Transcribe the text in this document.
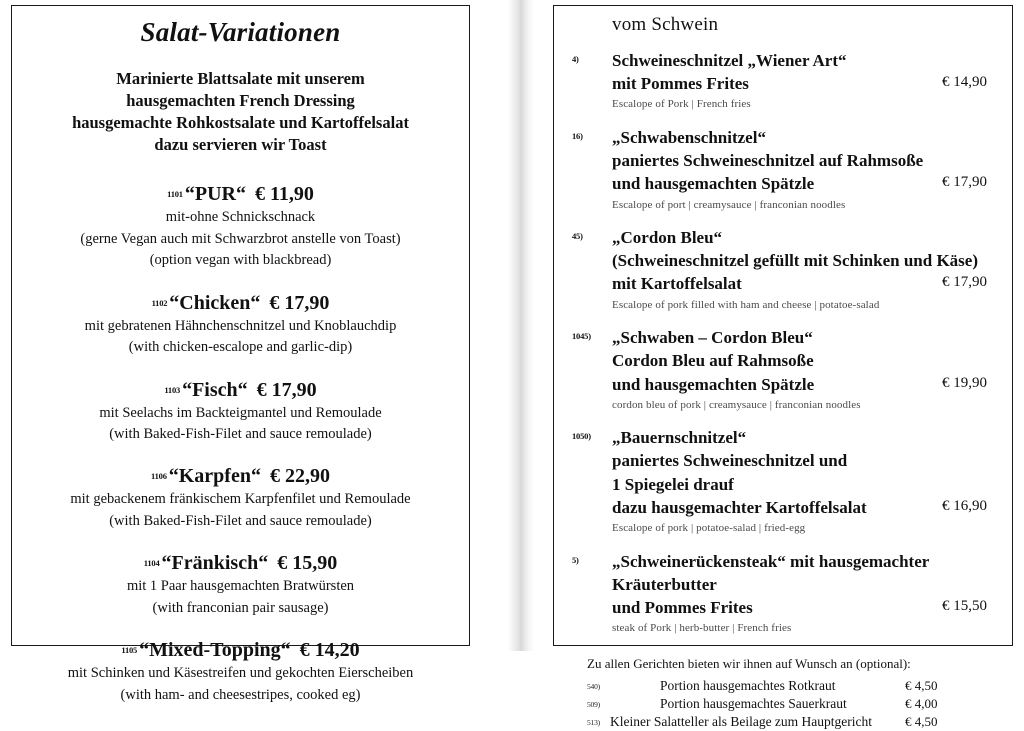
Salat-Variationen
Marinierte Blattsalate mit unserem
hausgemachten French Dressing
hausgemachte Rohkostsalate und Kartoffelsalat
dazu servieren wir Toast
1101 “PUR“ € 11,90
mit-ohne Schnickschnack
(gerne Vegan auch mit Schwarzbrot anstelle von Toast)
(option vegan with blackbread)
1102 “Chicken“ € 17,90
mit gebratenen Hähnchenschnitzel und Knoblauchdip
(with chicken-escalope and garlic-dip)
1103 “Fisch“ € 17,90
mit Seelachs im Backteigmantel und Remoulade
(with Baked-Fish-Filet and sauce remoulade)
1106 “Karpfen“ € 22,90
mit gebackenem fränkischem Karpfenfilet und Remoulade
(with Baked-Fish-Filet and sauce remoulade)
1104 “Fränkisch“ € 15,90
mit 1 Paar hausgemachten Bratwürsten
(with franconian pair sausage)
1105 “Mixed-Topping“ € 14,20
mit Schinken und Käsestreifen und gekochten Eierscheiben
(with ham- and cheesestripes, cooked eg)
vom Schwein
4) Schweineschnitzel „Wiener Art“
mit Pommes Frites	€ 14,90
Escalope of Pork | French fries
16) „Schwabenschnitzel“
paniertes Schweineschnitzel auf Rahmsoße
und hausgemachten Spätzle	€ 17,90
Escalope of port | creamysauce | franconian noodles
45) „Cordon Bleu“
(Schweineschnitzel gefüllt mit Schinken und Käse)
mit Kartoffelsalat	€ 17,90
Escalope of pork filled with ham and cheese | potatoe-salad
1045) „Schwaben – Cordon Bleu“
Cordon Bleu auf Rahmsoße
und hausgemachten Spätzle	€ 19,90
cordon bleu of pork | creamysauce | franconian noodles
1050) „Bauernschnitzel“
paniertes Schweineschnitzel und
1 Spiegelei drauf
dazu hausgemachter Kartoffelsalat	€ 16,90
Escalope of pork | potatoe-salad | fried-egg
5) „Schweinerückensteak“ mit hausgemachter
Kräuterbutter
und Pommes Frites	€ 15,50
steak of Pork | herb-butter | French fries
Zu allen Gerichten bieten wir ihnen auf Wunsch an (optional):
540)	Portion hausgemachtes Rotkraut	€ 4,50
509)	Portion hausgemachtes Sauerkraut	€ 4,00
513) Kleiner Salatteller als Beilage zum Hauptgericht	€ 4,50
